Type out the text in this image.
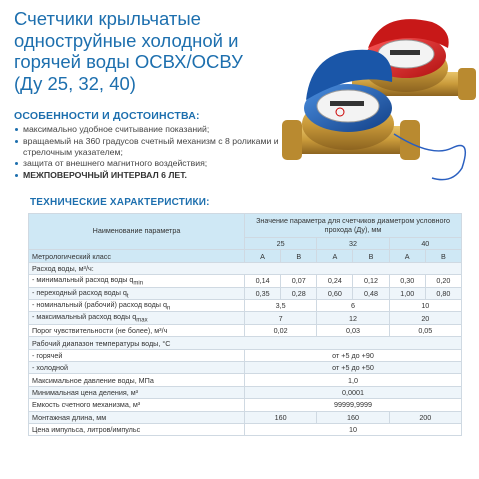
Счетчики крыльчатые
одноструйные холодной и
горячей воды ОСВХ/ОСВУ
(Ду 25, 32, 40)
ОСОБЕННОСТИ И ДОСТОИНСТВА:
максимально удобное считывание показаний;
вращаемый на 360 градусов счетный механизм с 8 роликами и стрелочным указателем;
защита от внешнего магнитного воздействия;
МЕЖПОВЕРОЧНЫЙ ИНТЕРВАЛ 6 ЛЕТ.
ТЕХНИЧЕСКИЕ ХАРАКТЕРИСТИКИ:
Наименование параметра	Значение параметра для счетчиков диаметром условного прохода (Ду), мм					
	25		32		40	
Метрологический класс	A	B	A	B	A	B
Расход воды, м³/ч:						
- минимальный расход воды $q_{min}$	0,14	0,07	0,24	0,12	0,30	0,20
- переходный расход воды $q_t$	0,35	0,28	0,60	0,48	1,00	0,80
- номинальный (рабочий) расход воды $q_n$	3,5		6		10	
- максимальный расход воды $q_{max}$	7		12		20	
Порог чувствительности (не более), м³/ч	0,02		0,03		0,05	
Рабочий диапазон температуры воды, °С						
- горячей	от +5 до +90					
- холодной	от +5 до +50					
Максимальное давление воды, МПа	1,0					
Минимальная цена деления, м³	0,0001					
Емкость счетного механизма, м³	99999,9999					
Монтажная длина, мм	160		160		200	
Цена импульса, литров/импульс	10					
